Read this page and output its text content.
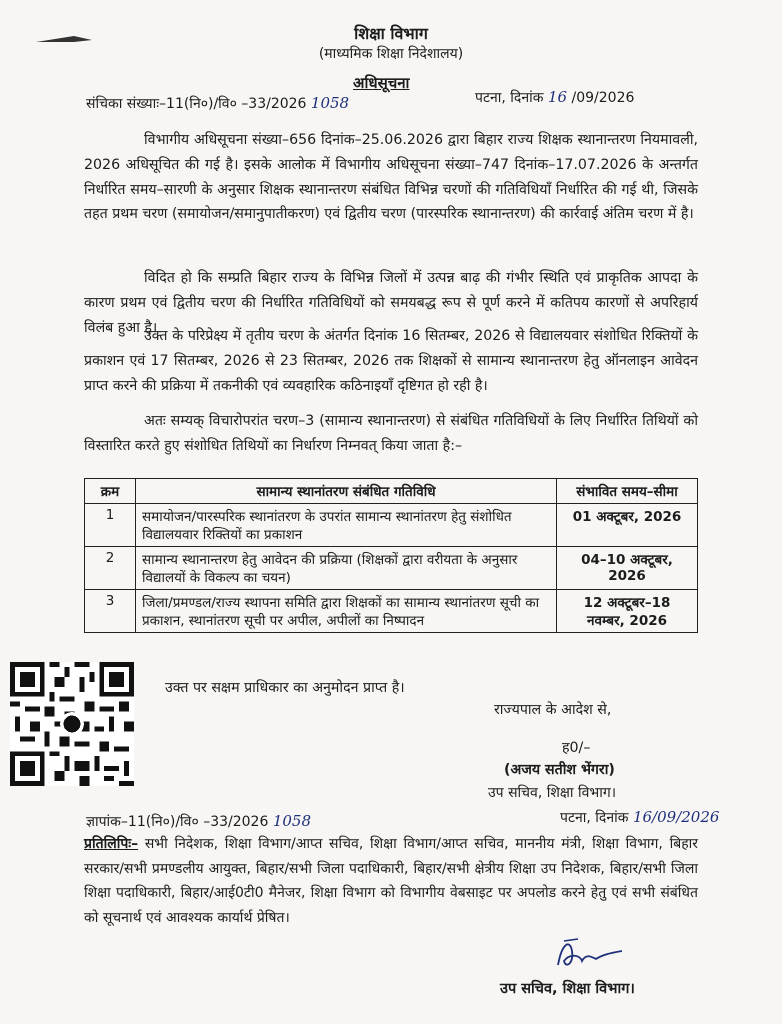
शिक्षा विभाग
(माध्यमिक शिक्षा निदेशालय)
अधिसूचना
संचिका संख्याः–11(नि०)/वि० –33/2026 1058	पटना, दिनांक 16 /09/2026
विभागीय अधिसूचना संख्या–656 दिनांक–25.06.2026 द्वारा बिहार राज्य शिक्षक स्थानान्तरण नियमावली, 2026 अधिसूचित की गई है। इसके आलोक में विभागीय अधिसूचना संख्या–747 दिनांक–17.07.2026 के अन्तर्गत निर्धारित समय–सारणी के अनुसार शिक्षक स्थानान्तरण संबंधित विभिन्न चरणों की गतिविधियाँ निर्धारित की गई थी, जिसके तहत प्रथम चरण (समायोजन/समानुपातीकरण) एवं द्वितीय चरण (पारस्परिक स्थानान्तरण) की कार्रवाई अंतिम चरण में है।
विदित हो कि सम्प्रति बिहार राज्य के विभिन्न जिलों में उत्पन्न बाढ़ की गंभीर स्थिति एवं प्राकृतिक आपदा के कारण प्रथम एवं द्वितीय चरण की निर्धारित गतिविधियों को समयबद्ध रूप से पूर्ण करने में कतिपय कारणों से अपरिहार्य विलंब हुआ है।
उक्त के परिप्रेक्ष्य में तृतीय चरण के अंतर्गत दिनांक 16 सितम्बर, 2026 से विद्यालयवार संशोधित रिक्तियों के प्रकाशन एवं 17 सितम्बर, 2026 से 23 सितम्बर, 2026 तक शिक्षकों से सामान्य स्थानान्तरण हेतु ऑनलाइन आवेदन प्राप्त करने की प्रक्रिया में तकनीकी एवं व्यवहारिक कठिनाइयाँ दृष्टिगत हो रही है।
अतः सम्यक् विचारोपरांत चरण–3 (सामान्य स्थानान्तरण) से संबंधित गतिविधियों के लिए निर्धारित तिथियों को विस्तारित करते हुए संशोधित तिथियों का निर्धारण निम्नवत् किया जाता है:–
क्रम	सामान्य स्थानांतरण संबंधित गतिविधि	संभावित समय–सीमा
1	समायोजन/पारस्परिक स्थानांतरण के उपरांत सामान्य स्थानांतरण हेतु संशोधित विद्यालयवार रिक्तियों का प्रकाशन	01 अक्टूबर, 2026
2	सामान्य स्थानान्तरण हेतु आवेदन की प्रक्रिया (शिक्षकों द्वारा वरीयता के अनुसार विद्यालयों के विकल्प का चयन)	04–10 अक्टूबर, 2026
3	जिला/प्रमण्डल/राज्य स्थापना समिति द्वारा शिक्षकों का सामान्य स्थानांतरण सूची का प्रकाशन, स्थानांतरण सूची पर अपील, अपीलों का निष्पादन	12 अक्टूबर–18 नवम्बर, 2026
उक्त पर सक्षम प्राधिकार का अनुमोदन प्राप्त है।
राज्यपाल के आदेश से,
ह0/–
(अजय सतीश भेंगरा)
उप सचिव, शिक्षा विभाग।
ज्ञापांक–11(नि०)/वि० –33/2026 1058	पटना, दिनांक 16/09/2026
प्रतिलिपिः– सभी निदेशक, शिक्षा विभाग/आप्त सचिव, शिक्षा विभाग/आप्त सचिव, माननीय मंत्री, शिक्षा विभाग, बिहार सरकार/सभी प्रमण्डलीय आयुक्त, बिहार/सभी जिला पदाधिकारी, बिहार/सभी क्षेत्रीय शिक्षा उप निदेशक, बिहार/सभी जिला शिक्षा पदाधिकारी, बिहार/आई0टी0 मैनेजर, शिक्षा विभाग को विभागीय वेबसाइट पर अपलोड करने हेतु एवं सभी संबंधित को सूचनार्थ एवं आवश्यक कार्यार्थ प्रेषित।
उप सचिव, शिक्षा विभाग।
